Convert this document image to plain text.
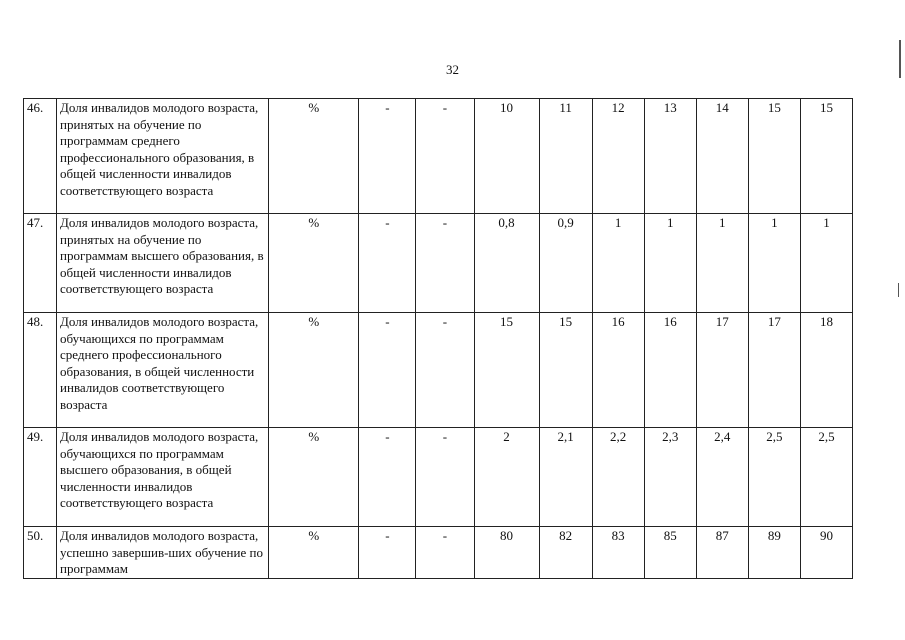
32
46.	Доля инвалидов молодого возраста, принятых на обучение по программам среднего профессионального образования, в общей численности инвалидов соответствующего возраста	%	-	-	10	11	12	13	14	15	15
47.	Доля инвалидов молодого возраста, принятых на обучение по программам высшего образования, в общей численности инвалидов соответствующего возраста	%	-	-	0,8	0,9	1	1	1	1	1
48.	Доля инвалидов молодого возраста, обучающихся по программам среднего профессионального образования, в общей численности инвалидов соответствующего возраста	%	-	-	15	15	16	16	17	17	18
49.	Доля инвалидов молодого возраста, обучающихся по программам высшего образования, в общей численности инвалидов соответствующего возраста	%	-	-	2	2,1	2,2	2,3	2,4	2,5	2,5
50.	Доля инвалидов молодого возраста, успешно завершив-ших обучение по программам	%	-	-	80	82	83	85	87	89	90
